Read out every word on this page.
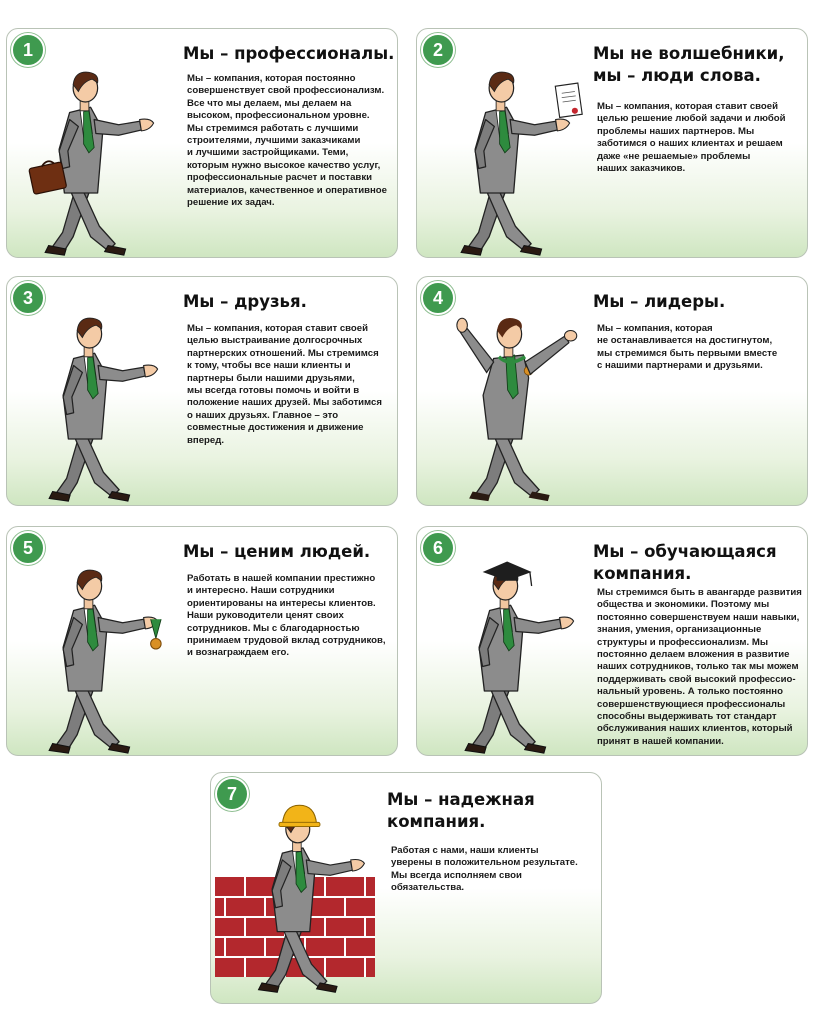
1	Мы – профессионалы.

Мы – компания, которая постоянно
совершенствует свой профессионализм.
Все что мы делаем, мы делаем на
высоком, профессиональном уровне.
Мы стремимся работать с лучшими
строителями, лучшими заказчиками
и лучшими застройщиками. Теми,
которым нужно высокое качество услуг,
профессиональные расчет и поставки
материалов, качественное и оперативное
решение их задач.

2	Мы не волшебники,
мы – люди слова.

Мы – компания, которая ставит своей
целью решение любой задачи и любой
проблемы наших партнеров. Мы
заботимся о наших клиентах и решаем
даже «не решаемые» проблемы
наших заказчиков.

3	Мы – друзья.

Мы – компания, которая ставит своей
целью выстраивание долгосрочных
партнерских отношений. Мы стремимся
к тому, чтобы все наши клиенты и
партнеры были нашими друзьями,
мы всегда готовы помочь и войти в
положение наших друзей. Мы заботимся
о наших друзьях. Главное – это
совместные достижения и движение
вперед.

4	Мы – лидеры.

Мы – компания, которая
не останавливается на достигнутом,
мы стремимся быть первыми вместе
с нашими партнерами и друзьями.

5	Мы – ценим людей.

Работать в нашей компании престижно
и интересно. Наши сотрудники
ориентированы на интересы клиентов.
Наши руководители ценят своих
сотрудников. Мы с благодарностью
принимаем трудовой вклад сотрудников,
и вознаграждаем его.

6	Мы – обучающаяся
компания.

Мы стремимся быть в авангарде развития
общества и экономики. Поэтому мы
постоянно совершенствуем наши навыки,
знания, умения, организационные
структуры и профессионализм. Мы
постоянно делаем вложения в развитие
наших сотрудников, только так мы можем
поддерживать свой высокий профессио-
нальный уровень. А только постоянно
совершенствующиеся профессионалы
способны выдерживать тот стандарт
обслуживания наших клиентов, который
принят в нашей компании.

7	Мы – надежная
компания.

Работая с нами, наши клиенты
уверены в положительном результате.
Мы всегда исполняем свои
обязательства.
